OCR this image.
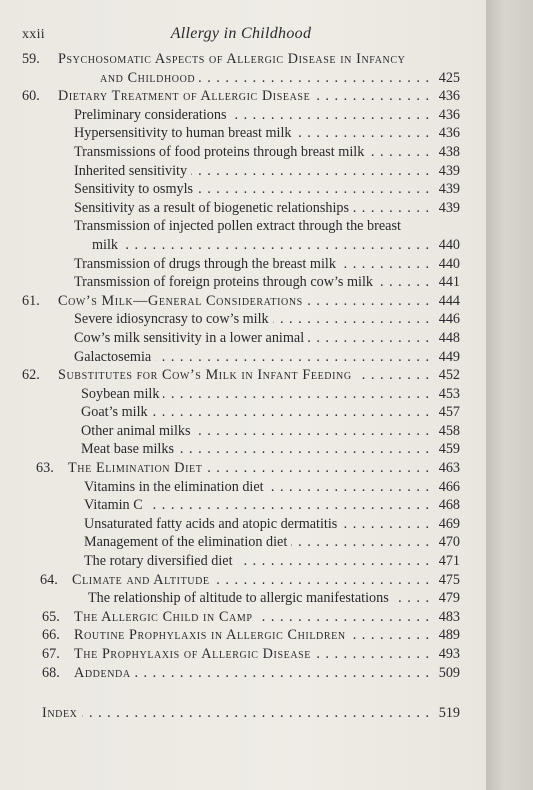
xxii	Allergy in Childhood
59. Psychosomatic Aspects of Allergic Disease in Infancy
and Childhood . . .	425
60. Dietary Treatment of Allergic Disease . . .	436
Preliminary considerations . . .	436
Hypersensitivity to human breast milk . . .	436
Transmissions of food proteins through breast milk . . .	438
Inherited sensitivity . . .	439
Sensitivity to osmyls . . .	439
Sensitivity as a result of biogenetic relationships . . .	439
Transmission of injected pollen extract through the breast
milk . . .	440
Transmission of drugs through the breast milk . . .	440
Transmission of foreign proteins through cow’s milk . . .	441
61. Cow’s Milk—General Considerations . . .	444
Severe idiosyncrasy to cow’s milk . . .	446
Cow’s milk sensitivity in a lower animal . . .	448
Galactosemia . . .	449
62. Substitutes for Cow’s Milk in Infant Feeding . . .	452
Soybean milk . . .	453
Goat’s milk . . .	457
Other animal milks . . .	458
Meat base milks . . .	459
63. The Elimination Diet . . .	463
Vitamins in the elimination diet . . .	466
Vitamin C . . .	468
Unsaturated fatty acids and atopic dermatitis . . .	469
Management of the elimination diet . . .	470
The rotary diversified diet . . .	471
64. Climate and Altitude . . .	475
The relationship of altitude to allergic manifestations . . .	479
65. The Allergic Child in Camp . . .	483
66. Routine Prophylaxis in Allergic Children . . .	489
67. The Prophylaxis of Allergic Disease . . .	493
68. Addenda . . .	509
Index . . .	519
